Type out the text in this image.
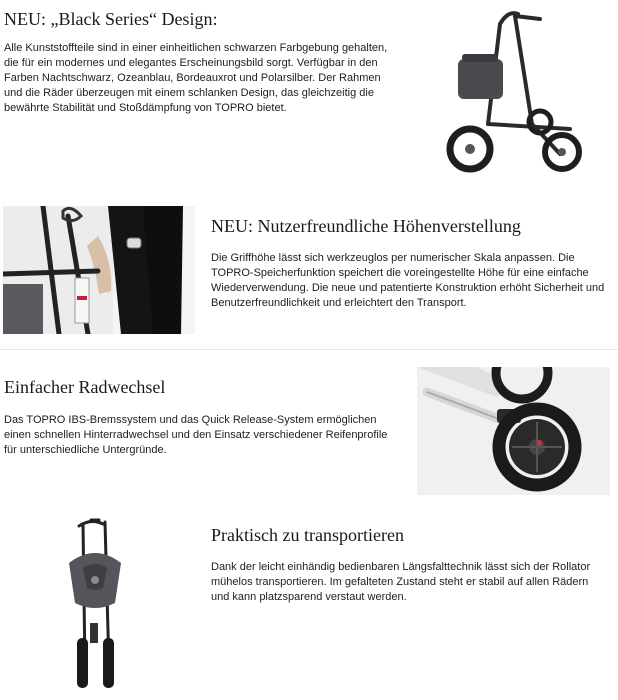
NEU: „Black Series“ Design:

Alle Kunststoffteile sind in einer einheitlichen schwarzen Farbgebung gehalten, die für ein modernes und elegantes Erscheinungsbild sorgt. Verfügbar in den Farben Nachtschwarz, Ozeanblau, Bordeauxrot und Polarsilber. Der Rahmen und die Räder überzeugen mit einem schlanken Design, das gleichzeitig die bewährte Stabilität und Stoßdämpfung von TOPRO bietet.

NEU: Nutzerfreundliche Höhenverstellung

Die Griffhöhe lässt sich werkzeuglos per numerischer Skala anpassen. Die TOPRO-Speicherfunktion speichert die voreingestellte Höhe für eine einfache Wiederverwendung. Die neue und patentierte Konstruktion erhöht Sicherheit und Benutzerfreundlichkeit und erleichtert den Transport.

Einfacher Radwechsel

Das TOPRO IBS-Bremssystem und das Quick Release-System ermöglichen einen schnellen Hinterradwechsel und den Einsatz verschiedener Reifenprofile für unterschiedliche Untergründe.

Praktisch zu transportieren

Dank der leicht einhändig bedienbaren Längsfalttechnik lässt sich der Rollator mühelos transportieren. Im gefalteten Zustand steht er stabil auf allen Rädern und kann platzsparend verstaut werden.
